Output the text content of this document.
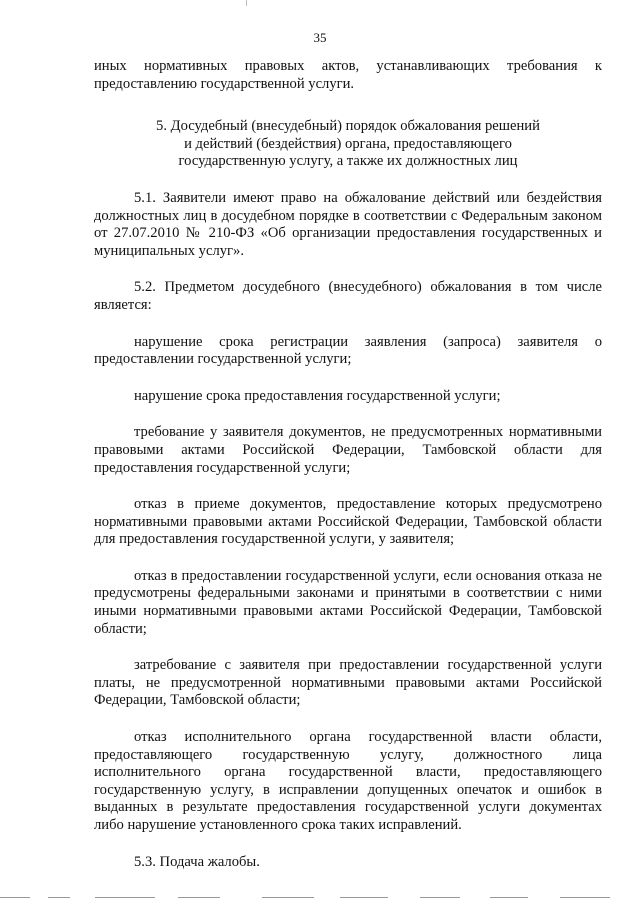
35

иных нормативных правовых актов, устанавливающих требования к предоставлению государственной услуги.

5. Досудебный (внесудебный) порядок обжалования решений

и действий (бездействия) органа, предоставляющего

государственную услугу, а также их должностных лиц

5.1. Заявители имеют право на обжалование действий или бездействия должностных лиц в досудебном порядке в соответствии с Федеральным законом от 27.07.2010 № 210-ФЗ «Об организации предоставления государственных и муниципальных услуг».

5.2. Предметом досудебного (внесудебного) обжалования в том числе является:

нарушение срока регистрации заявления (запроса) заявителя о предоставлении государственной услуги;

нарушение срока предоставления государственной услуги;

требование у заявителя документов, не предусмотренных нормативными правовыми актами Российской Федерации, Тамбовской области для предоставления государственной услуги;

отказ в приеме документов, предоставление которых предусмотрено нормативными правовыми актами Российской Федерации, Тамбовской области для предоставления государственной услуги, у заявителя;

отказ в предоставлении государственной услуги, если основания отказа не предусмотрены федеральными законами и принятыми в соответствии с ними иными нормативными правовыми актами Российской Федерации, Тамбовской области;

затребование с заявителя при предоставлении государственной услуги платы, не предусмотренной нормативными правовыми актами Российской Федерации, Тамбовской области;

отказ исполнительного органа государственной власти области, предоставляющего государственную услугу, должностного лица исполнительного органа государственной власти, предоставляющего государственную услугу, в исправлении допущенных опечаток и ошибок в выданных в результате предоставления государственной услуги документах либо нарушение установленного срока таких исправлений.

5.3. Подача жалобы.
